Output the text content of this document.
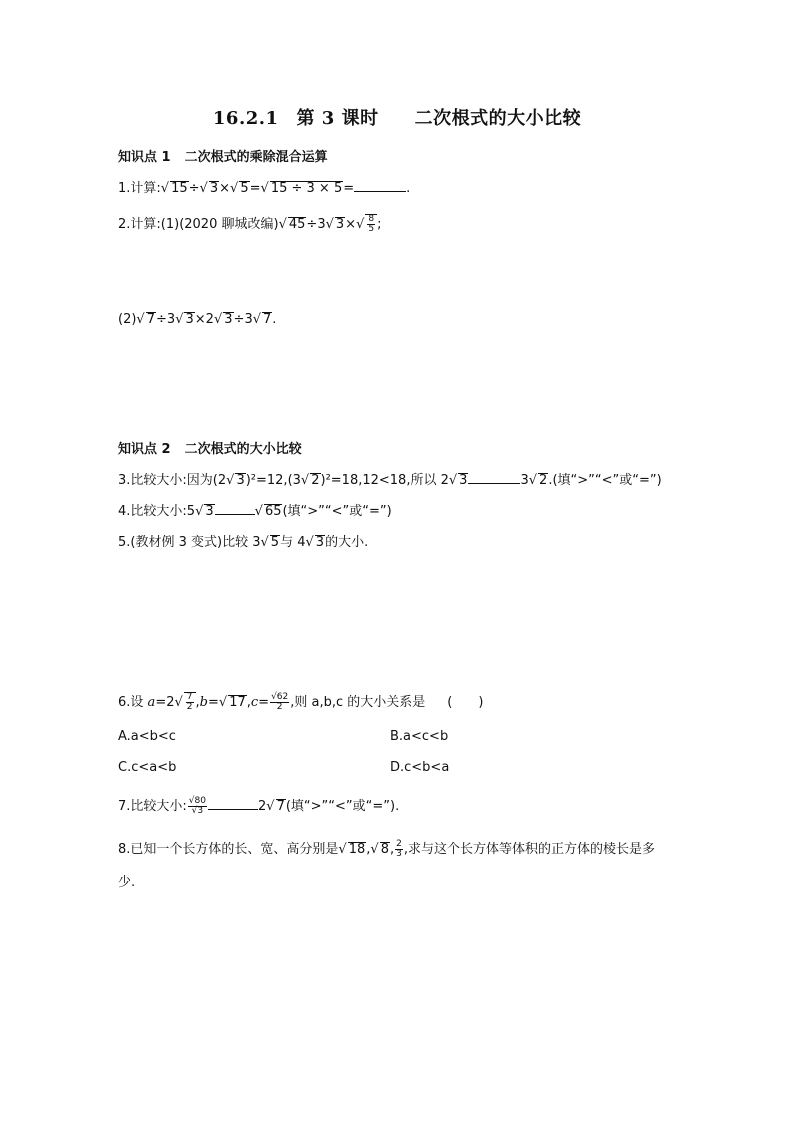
16.2.1 第 3 课时 二次根式的大小比较
知识点 1 二次根式的乘除混合运算
1.计算:√ 15÷√ 3×√ 5=√ 15 ÷ 3 × 5=	.
2.计算:(1)(2020 聊城改编)√ 45÷3√ $3\times√ \frac{8}{5}$ ;
(2)√ 7÷3√ 3×2√ 3÷3√ 7.
知识点 2 二次根式的大小比较
3.比较大小:因为(2√ 3)²=12,(3√ 2)²=18,12<18,所以 2√ 3	3√ 2.(填“>”“<”或“=”)
4.比较大小:5√ 3	√ 65(填“>”“<”或“=”)
5.(教材例 3 变式)比较 3√ 5与 4√ 3的大小.
6.设 $a=2√ \frac{7}{2} ,b=√$ $17,c= \frac{√62}{2}$ ,则 a,b,c 的大小关系是 (　　)
A.a<b<c	B.a<c<b
C.c<a<b	D.c<b<a
7.比较大小: $\frac{√80}{√3}$	2√ 7(填“>”“<”或“=”).
8.已知一个长方体的长、宽、高分别是√ 18,√ 8, $\frac{2}{3}$ ,求与这个长方体等体积的正方体的棱长是多
少.
